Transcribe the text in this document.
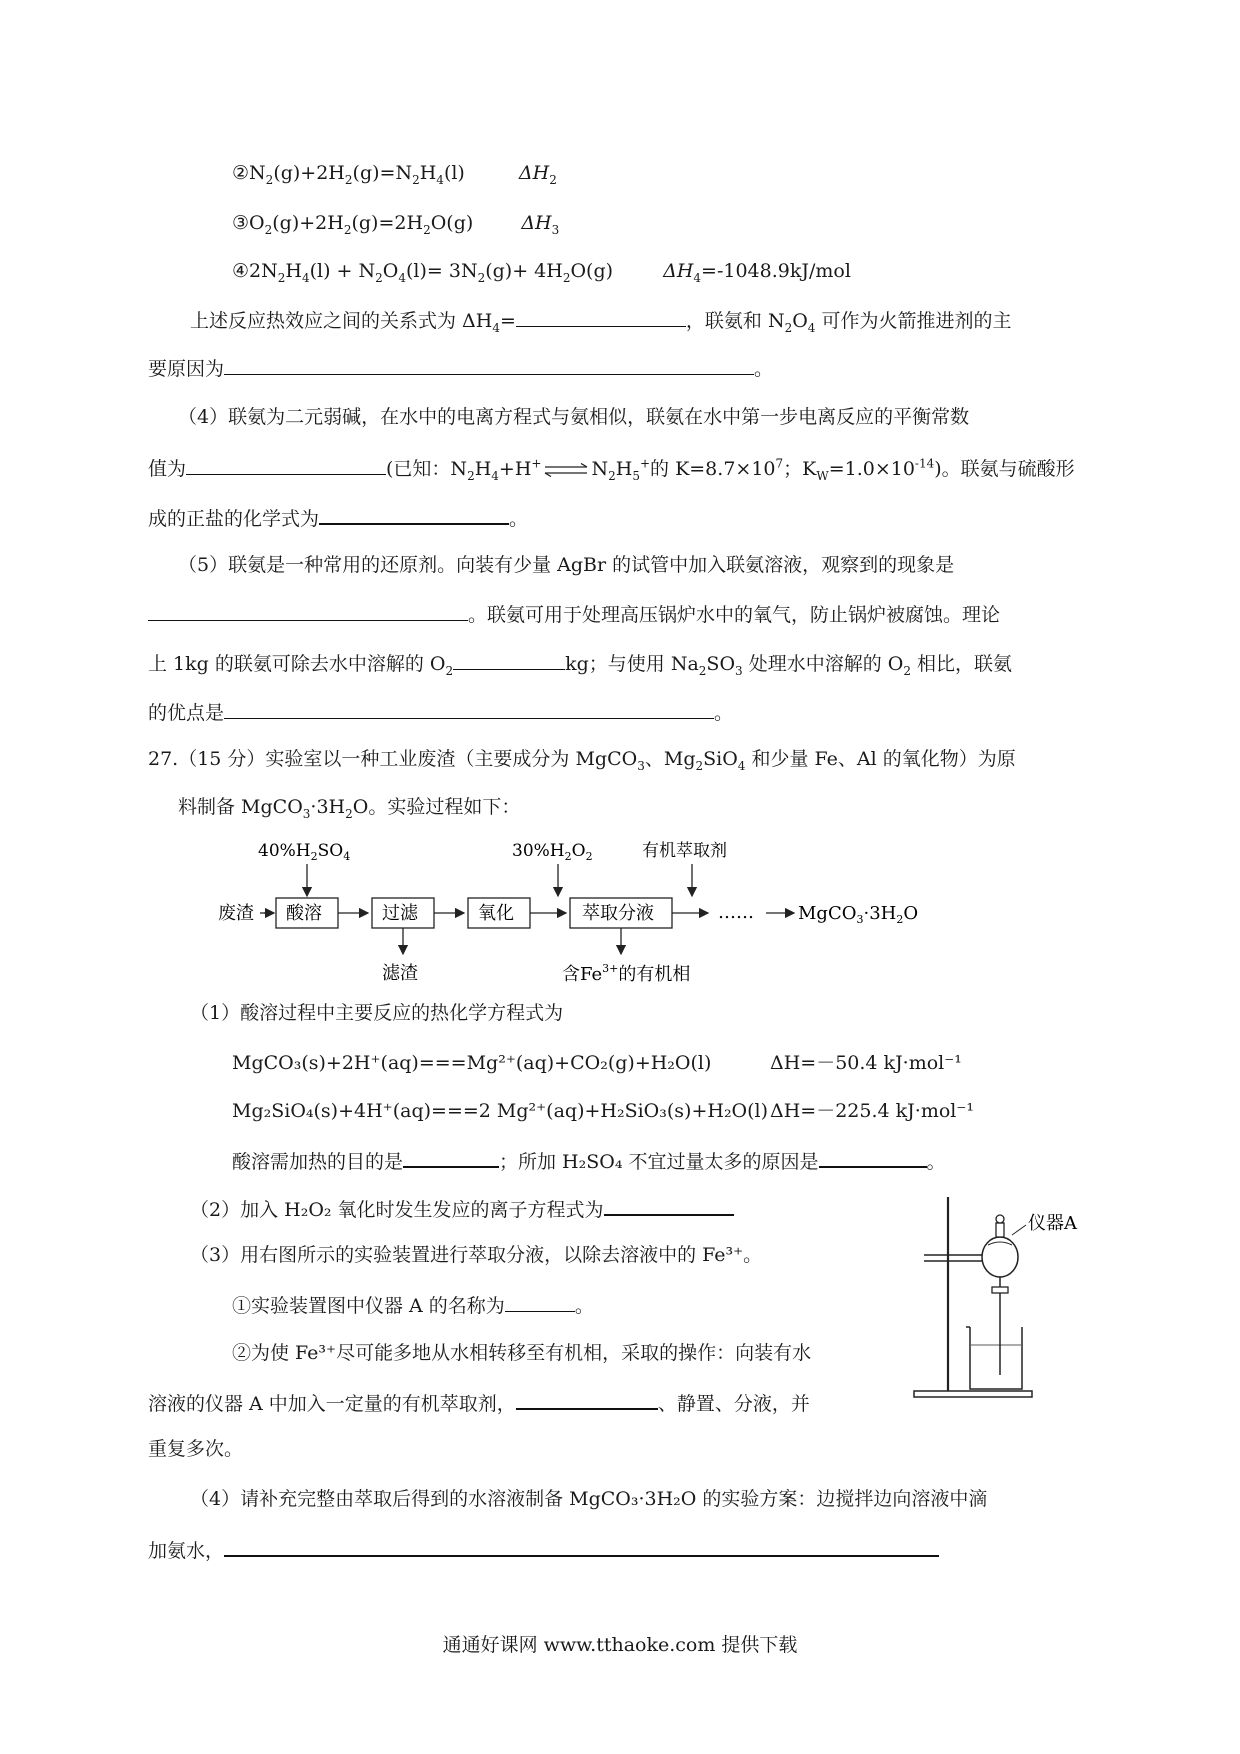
$②N_2(g)+2H_2(g)=N_2H_4(l)$	$\Delta H_2$
$③O_2(g)+2H_2(g)=2H_2O(g)$	$\Delta H_3$
$④2N_2H_4(l) + N_2O_4(l)= 3N_2(g)+ 4H_2O(g)$	$\Delta H_4=-1048.9kJ$/mol
上述反应热效应之间的关系式为 $\Delta H_4=$	，联氨和 $N_2O_4$ 可作为火箭推进剂的主
要原因为	。
（4）联氨为二元弱碱，在水中的电离方程式与氨相似，联氨在水中第一步电离反应的平衡常数
值为	(已知：$N_2H_4+H^+$ ⇌ $N_2H_5^+$的 $K=8.7\times 10^7$；$K_W=1.0\times 10^{-14}$)。联氨与硫酸形
成的正盐的化学式为	。
（5）联氨是一种常用的还原剂。向装有少量 AgBr 的试管中加入联氨溶液，观察到的现象是
。联氨可用于处理高压锅炉水中的氧气，防止锅炉被腐蚀。理论
上 1kg 的联氨可除去水中溶解的 $O_2$	kg；与使用 $Na_2SO_3$ 处理水中溶解的 $O_2$ 相比，联氨
的优点是	。
27.（15 分）实验室以一种工业废渣（主要成分为 MgCO$_3$、$Mg_2SiO_4$ 和少量 Fe、Al 的氧化物）为原
料制备 $MgCO_3\cdot 3H_2O$。实验过程如下：
$40\%H_2SO_4$	$30\%H_2O_2$	有机萃取剂
废渣 酸溶	过滤
滤渣
氧化	萃取分液
含$Fe^{3+}$的有机相
…… $MgCO_3\cdot 3H_2O$
（1）酸溶过程中主要反应的热化学方程式为
MgCO₃(s)+2H⁺(aq)===Mg²⁺(aq)+CO₂(g)+H₂O(l)	ΔH=－50.4 kJ·mol⁻¹
Mg₂SiO₄(s)+4H⁺(aq)===2 Mg²⁺(aq)+H₂SiO₃(s)+H₂O(l) ΔH=－225.4 kJ·mol⁻¹
酸溶需加热的目的是	；所加 H₂SO₄ 不宜过量太多的原因是	。
（2）加入 H₂O₂ 氧化时发生发应的离子方程式为
（3）用右图所示的实验装置进行萃取分液，以除去溶液中的 Fe³⁺。
①实验装置图中仪器 A 的名称为	。
②为使 Fe³⁺尽可能多地从水相转移至有机相，采取的操作：向装有水
溶液的仪器 A 中加入一定量的有机萃取剂，	、静置、分液，并
重复多次。
仪器A
（4）请补充完整由萃取后得到的水溶液制备 MgCO₃·3H₂O 的实验方案：边搅拌边向溶液中滴
加氨水，
通通好课网 www.tthaoke.com 提供下载
